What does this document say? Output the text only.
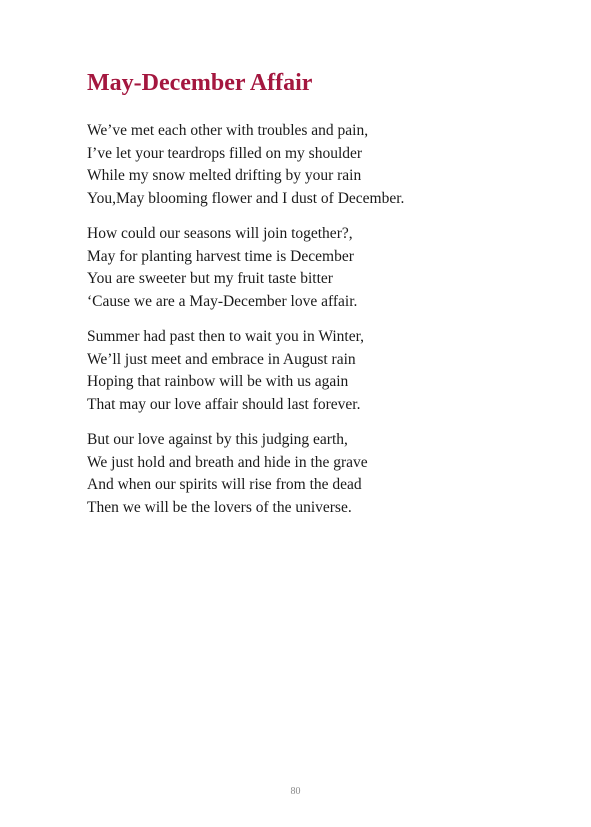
May-December Affair
We’ve met each other with troubles and pain,
I’ve let your teardrops filled on my shoulder
While my snow melted drifting by your rain
You,May blooming flower and I dust of December.
How could our seasons will join together?,
May for planting harvest time is December
You are sweeter but my fruit taste bitter
‘Cause we are a May-December love affair.
Summer had past then to wait you in Winter,
We’ll just meet and embrace in August rain
Hoping that rainbow will be with us again
That may our love affair should last forever.
But our love against by this judging earth,
We just hold and breath and hide in the grave
And when our spirits will rise from the dead
Then we will be the lovers of the universe.
80
